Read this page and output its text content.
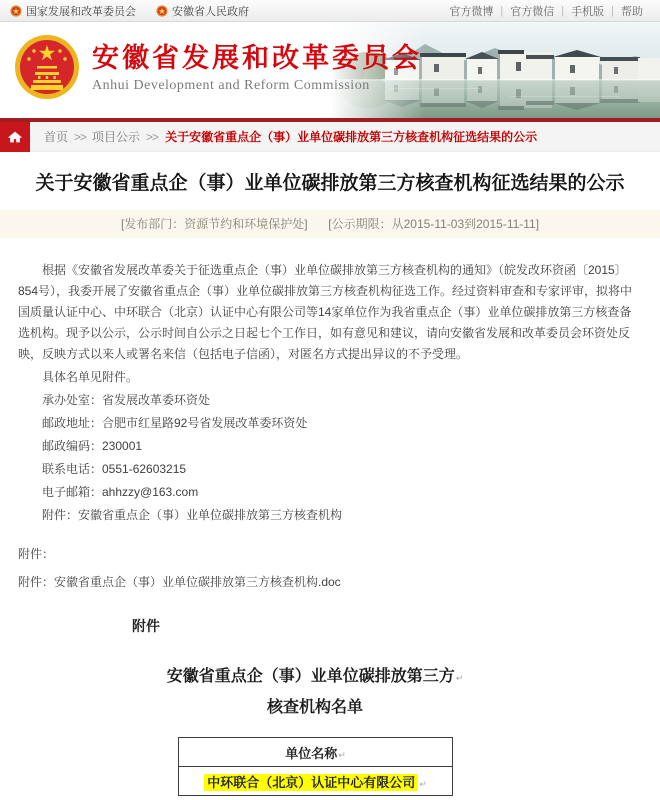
国家发展和改革委员会	安徽省人民政府	官方微博 | 官方微信 | 手机版 | 帮助
安徽省发展和改革委员会
Anhui Development and Reform Commission
首页 >> 项目公示 >> 关于安徽省重点企（事）业单位碳排放第三方核查机构征选结果的公示
关于安徽省重点企（事）业单位碳排放第三方核查机构征选结果的公示
[发布部门：资源节约和环境保护处] [公示期限：从2015-11-03到2015-11-11]

根据《安徽省发展改革委关于征选重点企（事）业单位碳排放第三方核查机构的通知》（皖发改环资函〔2015〕854号），我委开展了安徽省重点企（事）业单位碳排放第三方核查机构征选工作。经过资料审查和专家评审，拟将中国质量认证中心、中环联合（北京）认证中心有限公司等14家单位作为我省重点企（事）业单位碳排放第三方核查备选机构。现予以公示，公示时间自公示之日起七个工作日，如有意见和建议，请向安徽省发展和改革委员会环资处反映，反映方式以来人或署名来信（包括电子信函），对匿名方式提出异议的不予受理。

具体名单见附件。

承办处室：省发展改革委环资处

邮政地址：合肥市红星路92号省发展改革委环资处

邮政编码：230001

联系电话：0551-62603215

电子邮箱：ahhzzy@163.com

附件：安徽省重点企（事）业单位碳排放第三方核查机构

附件：
附件：安徽省重点企（事）业单位碳排放第三方核查机构.doc
附件
安徽省重点企（事）业单位碳排放第三方↵
核查机构名单
单位名称↵
中环联合（北京）认证中心有限公司 ↵
